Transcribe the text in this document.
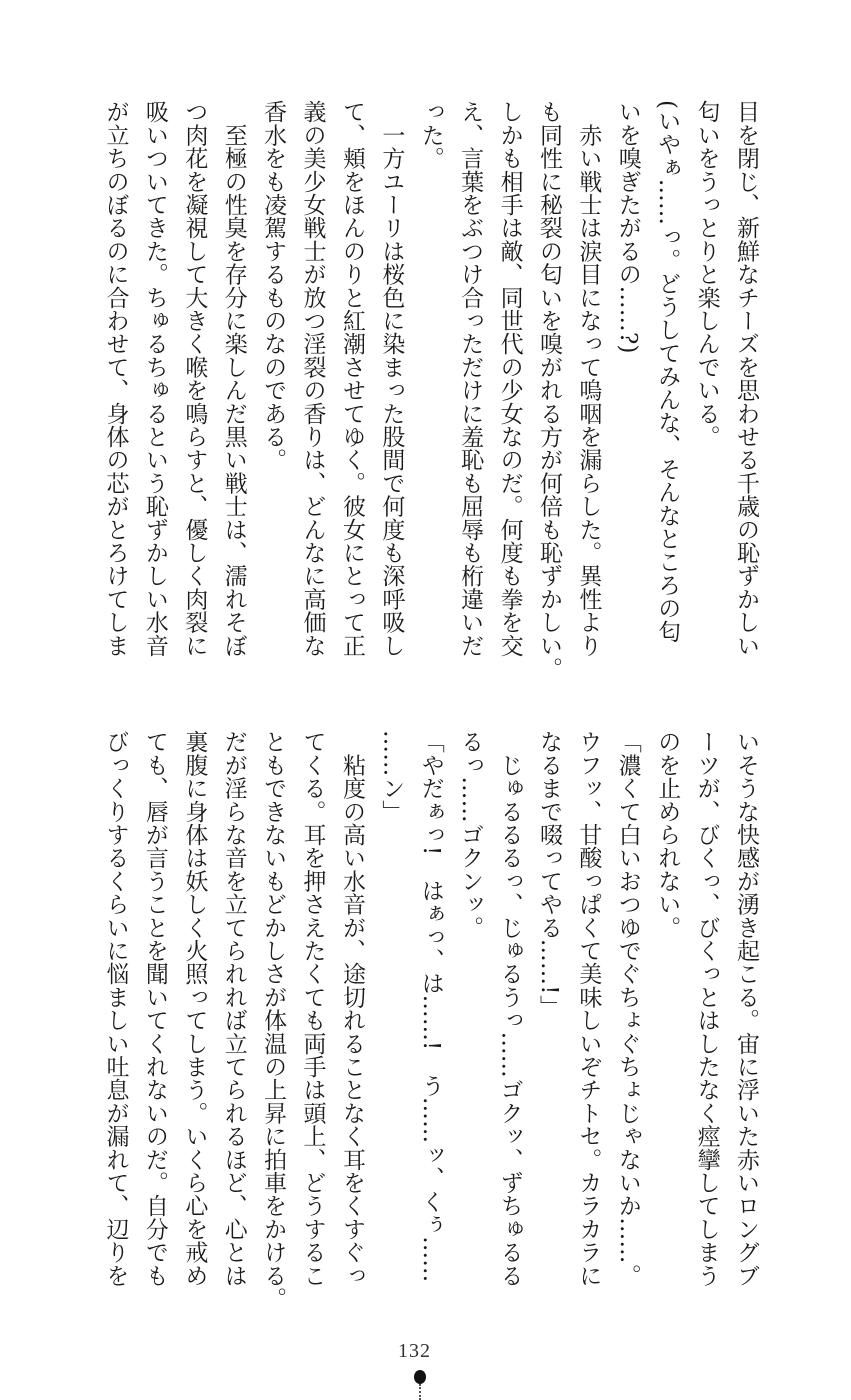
目を閉じ、新鮮なチーズを思わせる千歳の恥ずかしい
匂いをうっとりと楽しんでいる。
(いやぁ……っ。どうしてみんな、そんなところの匂
いを嗅ぎたがるの……?)
　赤い戦士は涙目になって嗚咽を漏らした。異性より
も同性に秘裂の匂いを嗅がれる方が何倍も恥ずかしい。
しかも相手は敵、同世代の少女なのだ。何度も拳を交
え、言葉をぶつけ合っただけに羞恥も屈辱も桁違いだ
った。
　一方ユーリは桜色に染まった股間で何度も深呼吸し
て、頬をほんのりと紅潮させてゆく。彼女にとって正
義の美少女戦士が放つ淫裂の香りは、どんなに高価な
香水をも凌駕するものなのである。
　至極の性臭を存分に楽しんだ黒い戦士は、濡れそぼ
つ肉花を凝視して大きく喉を鳴らすと、優しく肉裂に
吸いついてきた。ちゅるちゅるという恥ずかしい水音
が立ちのぼるのに合わせて、身体の芯がとろけてしま
いそうな快感が湧き起こる。宙に浮いた赤いロングブ
ーツが、びくっ、びくっとはしたなく痙攣してしまう
のを止められない。
「濃くて白いおつゆでぐちょぐちょじゃないか……。
ウフッ、甘酸っぱくて美味しいぞチトセ。カラカラに
なるまで啜ってやる……!」
　じゅるるるっ、じゅるうっ……ゴクッ、ずちゅるる
るっ……ゴクンッ。
「やだぁっ!　はぁっ、は……!　う……ッ、くぅ……
……ン」
　粘度の高い水音が、途切れることなく耳をくすぐっ
てくる。耳を押さえたくても両手は頭上、どうするこ
ともできないもどかしさが体温の上昇に拍車をかける。
だが淫らな音を立てられれば立てられるほど、心とは
裏腹に身体は妖しく火照ってしまう。いくら心を戒め
ても、唇が言うことを聞いてくれないのだ。自分でも
びっくりするくらいに悩ましい吐息が漏れて、辺りを
132
